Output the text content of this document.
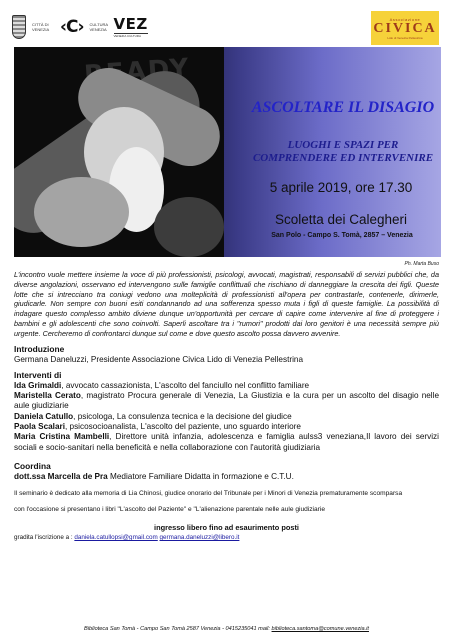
CITTÀ DI VENEZIA ‹C› CULTURA VENEZIA VEZ
VENEZIA CULTURA
Associazione
CIVICA
Lido di Venezia Pellestrina
READY
ASCOLTARE IL DISAGIO
LUOGHI E SPAZI PER
COMPRENDERE ED INTERVENIRE
5 aprile 2019, ore 17.30
Scoletta dei Calegheri
San Polo - Campo S. Tomà, 2857 – Venezia
Ph. Marta Buso

L'incontro vuole mettere insieme la voce di più professionisti, psicologi, avvocati, magistrati, responsabili di servizi pubblici che, da diverse angolazioni, osservano ed intervengono sulle famiglie conflittuali che rischiano di danneggiare la crescita dei figli. Queste lotte che si intrecciano tra coniugi vedono una molteplicità di professionisti all'opera per contrastarle, contenerle, dirimerle, giudicarle. Non sempre con buoni esiti condannando ad una sofferenza spesso muta i figli di queste famiglie. La possibilità di indagare questo complesso ambito diviene dunque un'opportunità per cercare di capire come intervenire al fine di proteggere i bambini e gli adolescenti che sono coinvolti. Saperli ascoltare tra i "rumori" prodotti dai loro genitori è una necessità sempre più urgente. Cercheremo di confrontarci dunque sul come e dove questo ascolto possa davvero avvenire.

Introduzione
Germana Daneluzzi, Presidente Associazione Civica Lido di Venezia Pellestrina
Interventi di
Ida Grimaldi, avvocato cassazionista, L'ascolto del fanciullo nel conflitto familiare
Maristella Cerato, magistrato Procura generale di Venezia, La Giustizia e la cura per un ascolto del disagio nelle aule giudiziarie
Daniela Catullo, psicologa, La consulenza tecnica e la decisione del giudice
Paola Scalari, psicosocioanalista, L'ascolto del paziente, uno sguardo interiore
Maria Cristina Mambelli, Direttore unità infanzia, adolescenza e famiglia aulss3 veneziana,Il lavoro dei servizi sociali e socio-sanitari nella beneficità e nella collaborazione con l'autorità giudiziaria
Coordina
dott.ssa Marcella de Pra Mediatore Familiare Didatta in formazione e C.T.U.

Il seminario è dedicato alla memoria di Lia Chinosi, giudice onorario del Tribunale per i Minori di Venezia prematuramente scomparsa

con l'occasione si presentano i libri "L'ascolto del Paziente" e "L'alienazione parentale nelle aule giudiziarie

ingresso libero fino ad esaurimento posti
gradita l'iscrizione a : daniela.catullopsi@gmail.com germana.daneluzzi@libero.it
Biblioteca San Tomà - Campo San Tomà 2587 Venezia - 0415235041 mail: biblioteca.santoma@comune.venezia.it
